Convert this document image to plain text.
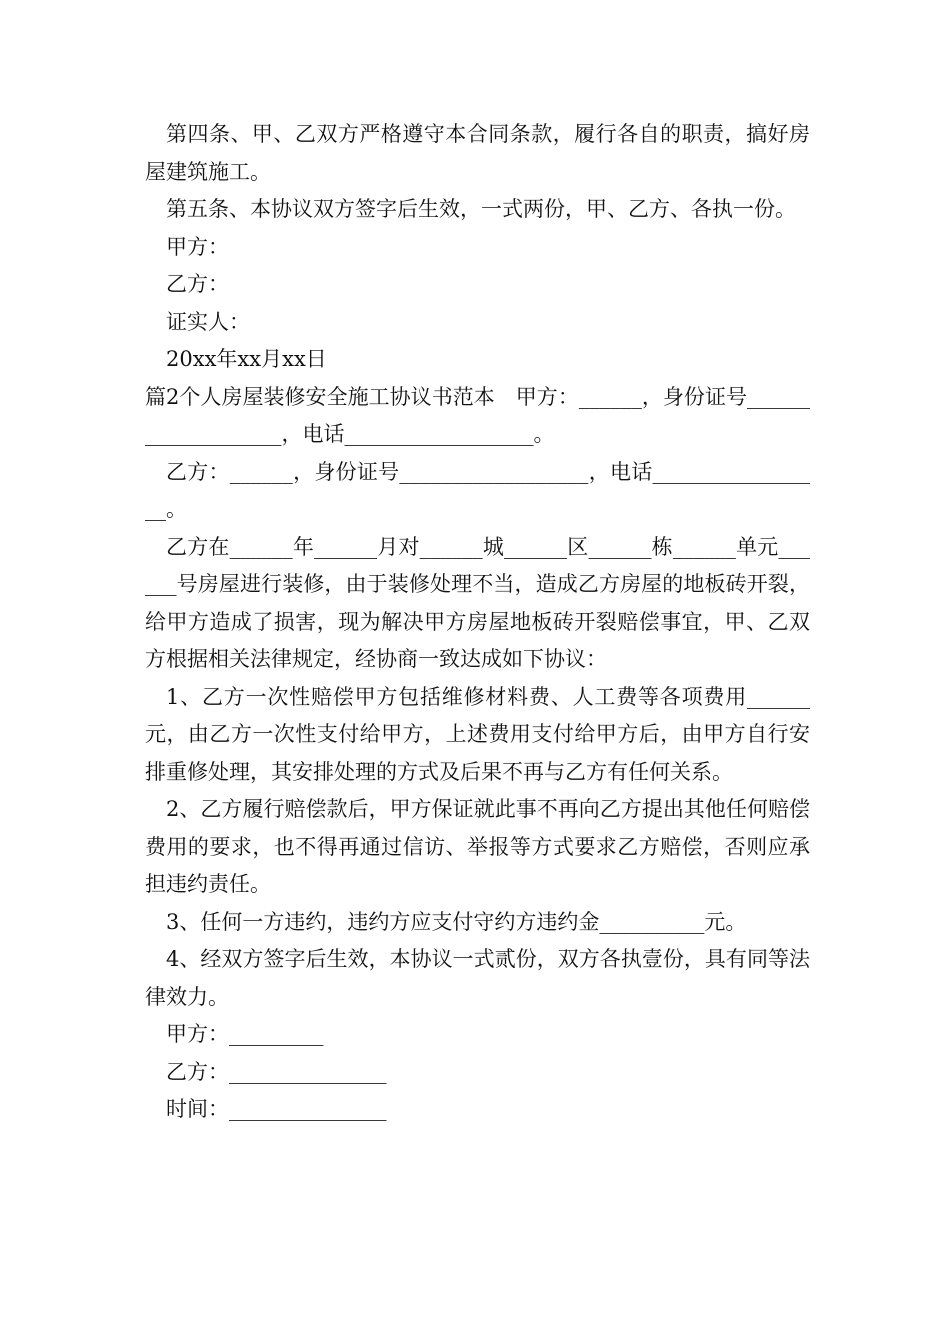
第四条、甲、乙双方严格遵守本合同条款，履行各自的职责，搞好房屋建筑施工。

第五条、本协议双方签字后生效，一式两份，甲、乙方、各执一份。

甲方：

乙方：

证实人：

20xx年xx月xx日

篇2个人房屋装修安全施工协议书范本　甲方：______，身份证号___________________，电话__________________。

乙方：______，身份证号__________________，电话_________________。

乙方在______年______月对______城______区______栋______单元______号房屋进行装修，由于装修处理不当，造成乙方房屋的地板砖开裂，给甲方造成了损害，现为解决甲方房屋地板砖开裂赔偿事宜，甲、乙双方根据相关法律规定，经协商一致达成如下协议：

1、乙方一次性赔偿甲方包括维修材料费、人工费等各项费用______元，由乙方一次性支付给甲方，上述费用支付给甲方后，由甲方自行安排重修处理，其安排处理的方式及后果不再与乙方有任何关系。

2、乙方履行赔偿款后，甲方保证就此事不再向乙方提出其他任何赔偿费用的要求，也不得再通过信访、举报等方式要求乙方赔偿，否则应承担违约责任。

3、任何一方违约，违约方应支付守约方违约金__________元。

4、经双方签字后生效，本协议一式贰份，双方各执壹份，具有同等法律效力。

甲方：_________

乙方：_______________

时间：_______________
